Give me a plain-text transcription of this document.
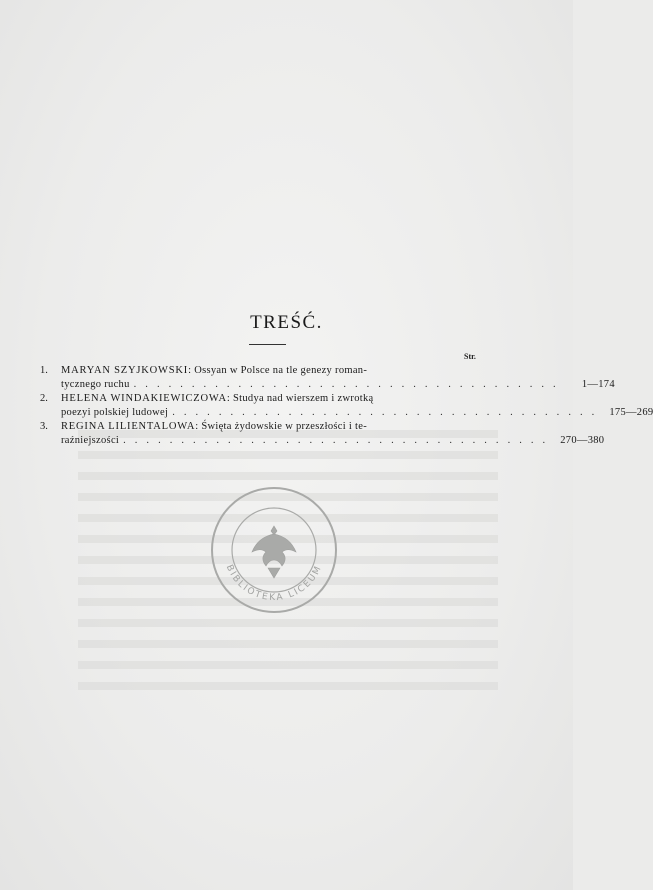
TREŚĆ.
Str.
1.	MARYAN SZYJKOWSKI: Ossyan w Polsce na tle genezy roman-
tycznego ruchu . . . . . . . . . . . . . . . . . . . . . . . . . . . . . . . . . . . . .	1—174
2.	HELENA WINDAKIEWICZOWA: Studya nad wierszem i zwrotką
poezyi polskiej ludowej . . . . . . . . . . . . . . . . . . . . . . . . . . . . . . . . . . . . .	175—269
3.	REGINA LILIENTALOWA: Święta żydowskie w przeszłości i te-
raźniejszości . . . . . . . . . . . . . . . . . . . . . . . . . . . . . . . . . . . . .	270—380
BIBLIOTEKA LICEUM
